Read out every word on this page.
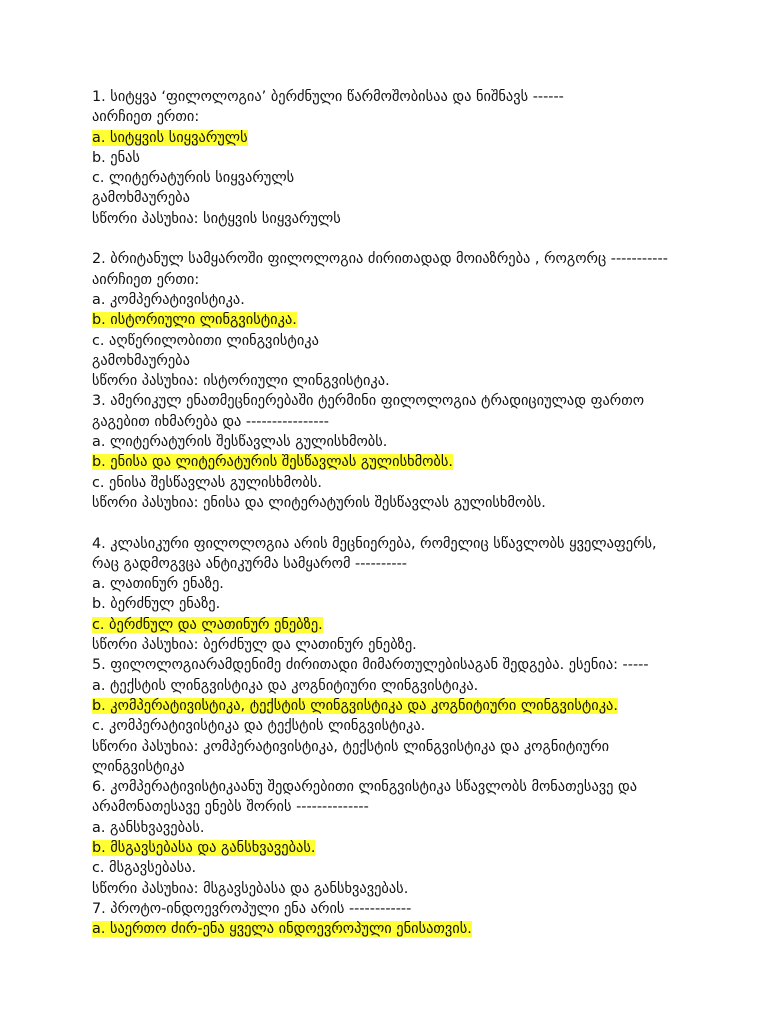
1. სიტყვა ‘ფილოლოგია’ ბერძნული წარმოშობისაა და ნიშნავს ------
აირჩიეთ ერთი:
a. სიტყვის სიყვარულს
b. ენას
c. ლიტერატურის სიყვარულს
გამოხმაურება
სწორი პასუხია: სიტყვის სიყვარულს
2. ბრიტანულ სამყაროში ფილოლოგია ძირითადად მოიაზრება , როგორც -----------
აირჩიეთ ერთი:
a. კომპერატივისტიკა.
b. ისტორიული ლინგვისტიკა.
c. აღწერილობითი ლინგვისტიკა
გამოხმაურება
სწორი პასუხია: ისტორიული ლინგვისტიკა.
3. ამერიკულ ენათმეცნიერებაში ტერმინი ფილოლოგია ტრადიციულად ფართო
გაგებით იხმარება და ----------------
a. ლიტერატურის შესწავლას გულისხმობს.
b. ენისა და ლიტერატურის შესწავლას გულისხმობს.
c. ენისა შესწავლას გულისხმობს.
სწორი პასუხია: ენისა და ლიტერატურის შესწავლას გულისხმობს.
4. კლასიკური ფილოლოგია არის მეცნიერება, რომელიც სწავლობს ყველაფერს,
რაც გადმოგვცა ანტიკურმა სამყარომ ----------
a. ლათინურ ენაზე.
b. ბერძნულ ენაზე.
c. ბერძნულ და ლათინურ ენებზე.
სწორი პასუხია: ბერძნულ და ლათინურ ენებზე.
5. ფილოლოგიარამდენიმე ძირითადი მიმართულებისაგან შედგება. ესენია: -----
a. ტექსტის ლინგვისტიკა და კოგნიტიური ლინგვისტიკა.
b. კომპერატივისტიკა, ტექსტის ლინგვისტიკა და კოგნიტიური ლინგვისტიკა.
c. კომპერატივისტიკა და ტექსტის ლინგვისტიკა.
სწორი პასუხია: კომპერატივისტიკა, ტექსტის ლინგვისტიკა და კოგნიტიური
ლინგვისტიკა
6. კომპერატივისტიკაანუ შედარებითი ლინგვისტიკა სწავლობს მონათესავე და
არამონათესავე ენებს შორის --------------
a. განსხვავებას.
b. მსგავსებასა და განსხვავებას.
c. მსგავსებასა.
სწორი პასუხია: მსგავსებასა და განსხვავებას.
7. პროტო-ინდოევროპული ენა არის ------------
a. საერთო ძირ-ენა ყველა ინდოევროპული ენისათვის.
